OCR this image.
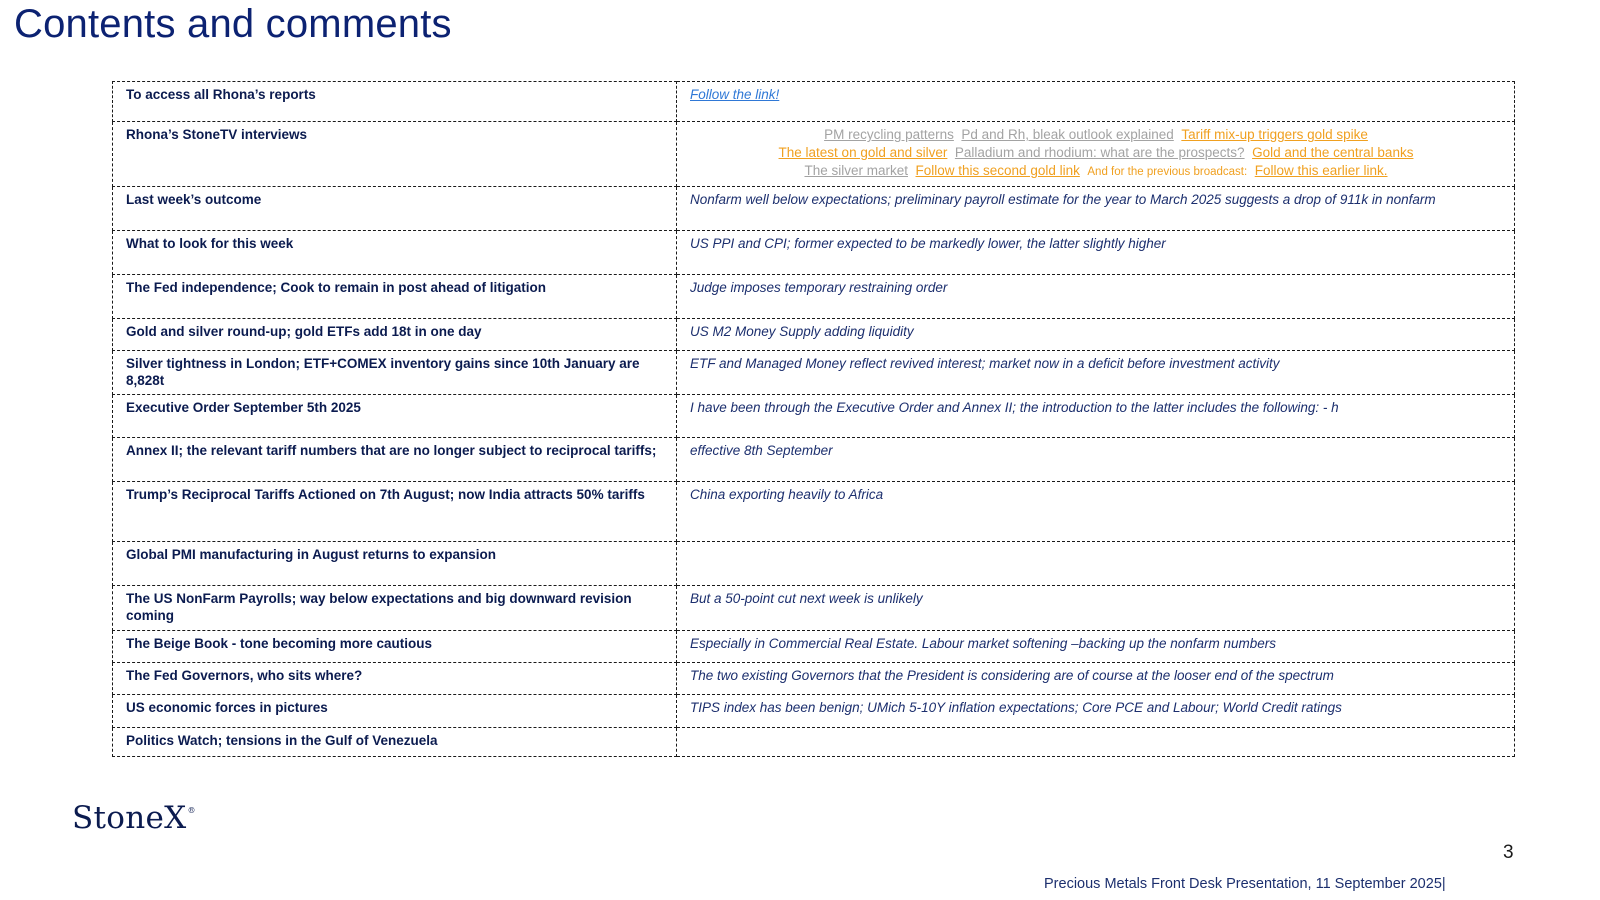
Contents and comments
To access all Rhona’s reports	Follow the link!
Rhona’s StoneTV interviews	PM recycling patterns Pd and Rh, bleak outlook explained Tariff mix-up triggers gold spike
The latest on gold and silver Palladium and rhodium: what are the prospects? Gold and the central banks
The silver market Follow this second gold link And for the previous broadcast: Follow this earlier link.

Last week’s outcome	Nonfarm well below expectations; preliminary payroll estimate for the year to March 2025 suggests a drop of 911k in nonfarm
What to look for this week	US PPI and CPI; former expected to be markedly lower, the latter slightly higher
The Fed independence; Cook to remain in post ahead of litigation	Judge imposes temporary restraining order
Gold and silver round-up; gold ETFs add 18t in one day	US M2 Money Supply adding liquidity
Silver tightness in London; ETF+COMEX inventory gains since 10th January are 8,828t	ETF and Managed Money reflect revived interest; market now in a deficit before investment activity
Executive Order September 5th 2025	I have been through the Executive Order and Annex II; the introduction to the latter includes the following: - h
Annex II; the relevant tariff numbers that are no longer subject to reciprocal tariffs;	effective 8th September
Trump’s Reciprocal Tariffs Actioned on 7th August; now India attracts 50% tariffs	China exporting heavily to Africa
Global PMI manufacturing in August returns to expansion	
The US NonFarm Payrolls; way below expectations and big downward revision coming	But a 50-point cut next week is unlikely
The Beige Book - tone becoming more cautious	Especially in Commercial Real Estate. Labour market softening –backing up the nonfarm numbers
The Fed Governors, who sits where?	The two existing Governors that the President is considering are of course at the looser end of the spectrum
US economic forces in pictures	TIPS index has been benign; UMich 5-10Y inflation expectations; Core PCE and Labour; World Credit ratings
Politics Watch; tensions in the Gulf of Venezuela	
StoneX®
3
Precious Metals Front Desk Presentation, 11 September 2025|
